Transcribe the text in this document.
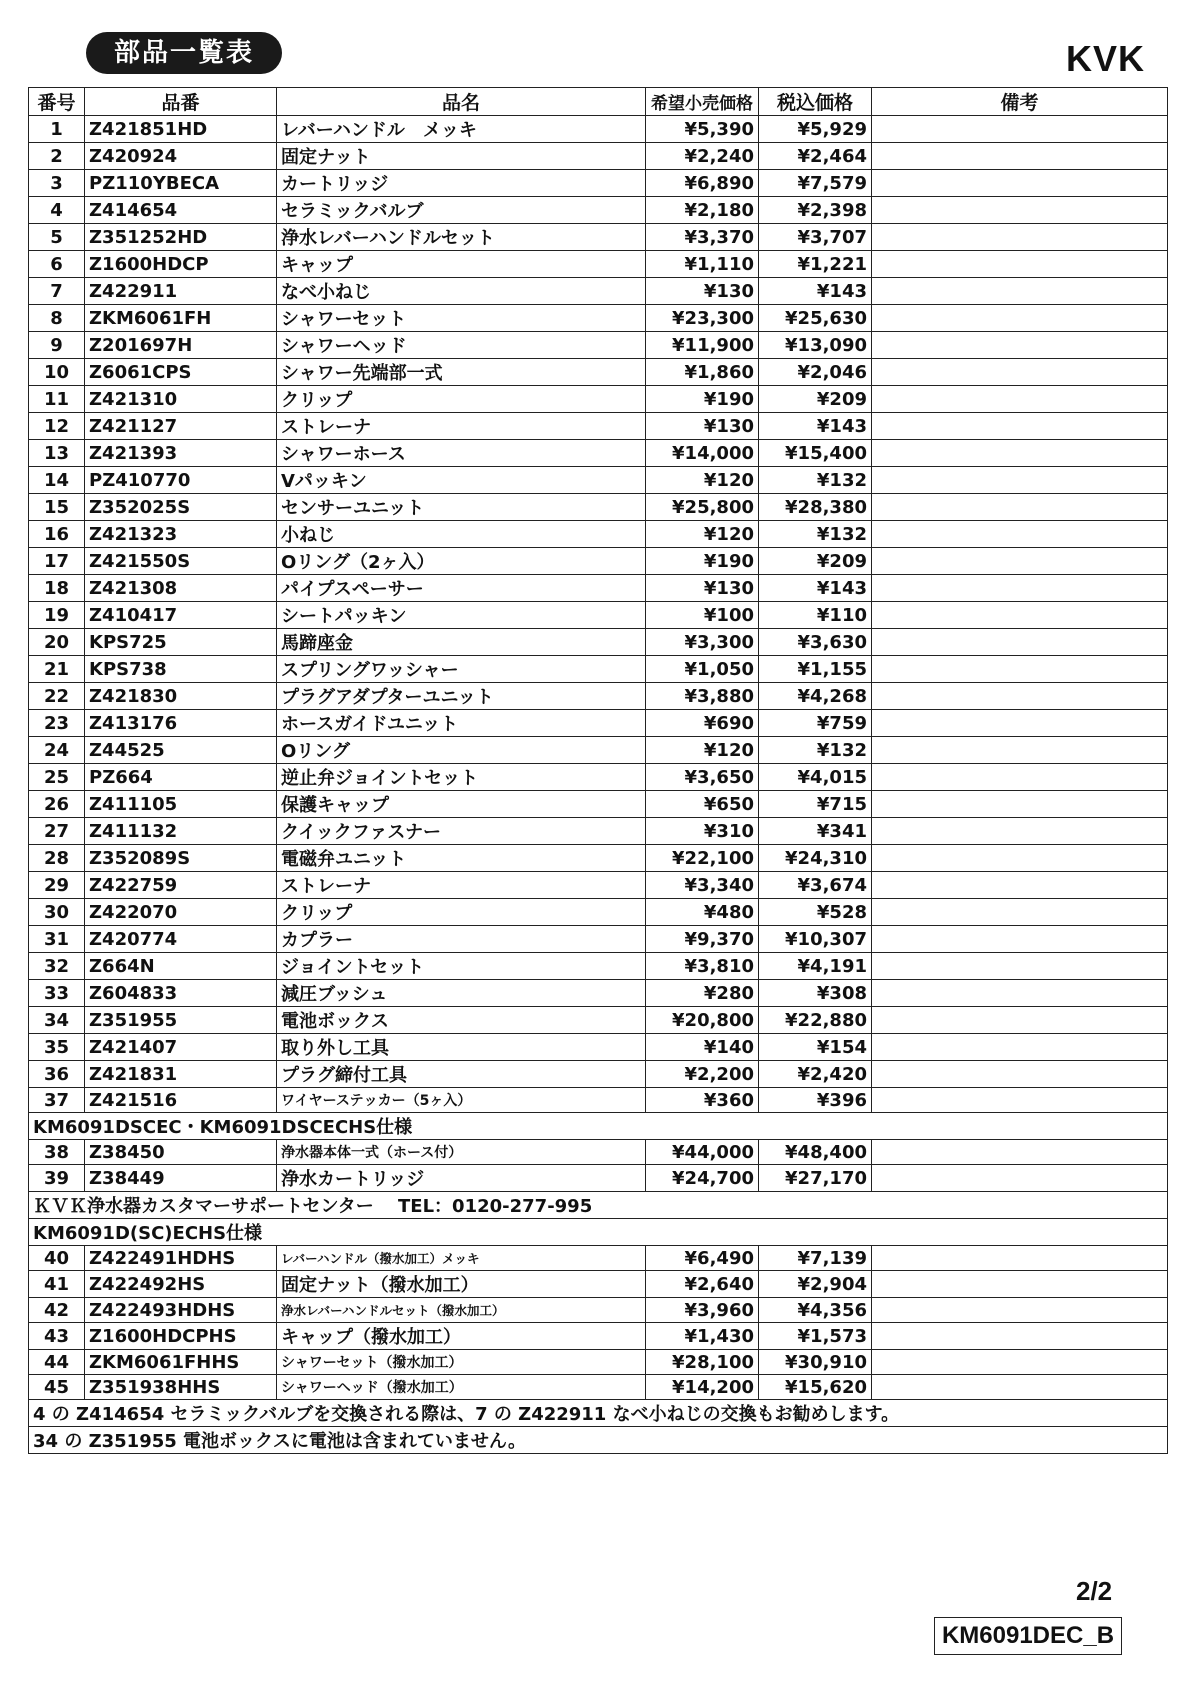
部品一覧表	KVK
番号	品番	品名	希望小売価格	税込価格	備考
1	Z421851HD	レバーハンドル　メッキ	¥5,390	¥5,929	
2	Z420924	固定ナット	¥2,240	¥2,464	
3	PZ110YBECA	カートリッジ	¥6,890	¥7,579	
4	Z414654	セラミックバルブ	¥2,180	¥2,398	
5	Z351252HD	浄水レバーハンドルセット	¥3,370	¥3,707	
6	Z1600HDCP	キャップ	¥1,110	¥1,221	
7	Z422911	なべ小ねじ	¥130	¥143	
8	ZKM6061FH	シャワーセット	¥23,300	¥25,630	
9	Z201697H	シャワーヘッド	¥11,900	¥13,090	
10	Z6061CPS	シャワー先端部一式	¥1,860	¥2,046	
11	Z421310	クリップ	¥190	¥209	
12	Z421127	ストレーナ	¥130	¥143	
13	Z421393	シャワーホース	¥14,000	¥15,400	
14	PZ410770	Vパッキン	¥120	¥132	
15	Z352025S	センサーユニット	¥25,800	¥28,380	
16	Z421323	小ねじ	¥120	¥132	
17	Z421550S	Oリング（2ヶ入）	¥190	¥209	
18	Z421308	パイプスペーサー	¥130	¥143	
19	Z410417	シートパッキン	¥100	¥110	
20	KPS725	馬蹄座金	¥3,300	¥3,630	
21	KPS738	スプリングワッシャー	¥1,050	¥1,155	
22	Z421830	プラグアダプターユニット	¥3,880	¥4,268	
23	Z413176	ホースガイドユニット	¥690	¥759	
24	Z44525	Oリング	¥120	¥132	
25	PZ664	逆止弁ジョイントセット	¥3,650	¥4,015	
26	Z411105	保護キャップ	¥650	¥715	
27	Z411132	クイックファスナー	¥310	¥341	
28	Z352089S	電磁弁ユニット	¥22,100	¥24,310	
29	Z422759	ストレーナ	¥3,340	¥3,674	
30	Z422070	クリップ	¥480	¥528	
31	Z420774	カプラー	¥9,370	¥10,307	
32	Z664N	ジョイントセット	¥3,810	¥4,191	
33	Z604833	減圧ブッシュ	¥280	¥308	
34	Z351955	電池ボックス	¥20,800	¥22,880	
35	Z421407	取り外し工具	¥140	¥154	
36	Z421831	プラグ締付工具	¥2,200	¥2,420	
37	Z421516	ワイヤーステッカー（5ヶ入）	¥360	¥396	
KM6091DSCEC・KM6091DSCECHS仕様					
38	Z38450	浄水器本体一式（ホース付）	¥44,000	¥48,400	
39	Z38449	浄水カートリッジ	¥24,700	¥27,170	
ＫＶＫ浄水器カスタマーサポートセンター　 TEL：0120-277-995					
KM6091D(SC)ECHS仕様					
40	Z422491HDHS	レバーハンドル（撥水加工）メッキ	¥6,490	¥7,139	
41	Z422492HS	固定ナット（撥水加工）	¥2,640	¥2,904	
42	Z422493HDHS	浄水レバーハンドルセット（撥水加工）	¥3,960	¥4,356	
43	Z1600HDCPHS	キャップ（撥水加工）	¥1,430	¥1,573	
44	ZKM6061FHHS	シャワーセット（撥水加工）	¥28,100	¥30,910	
45	Z351938HHS	シャワーヘッド（撥水加工）	¥14,200	¥15,620	
4 の Z414654 セラミックバルブを交換される際は、7 の Z422911 なべ小ねじの交換もお勧めします。					
34 の Z351955 電池ボックスに電池は含まれていません。					
2/2
KM6091DEC_B
